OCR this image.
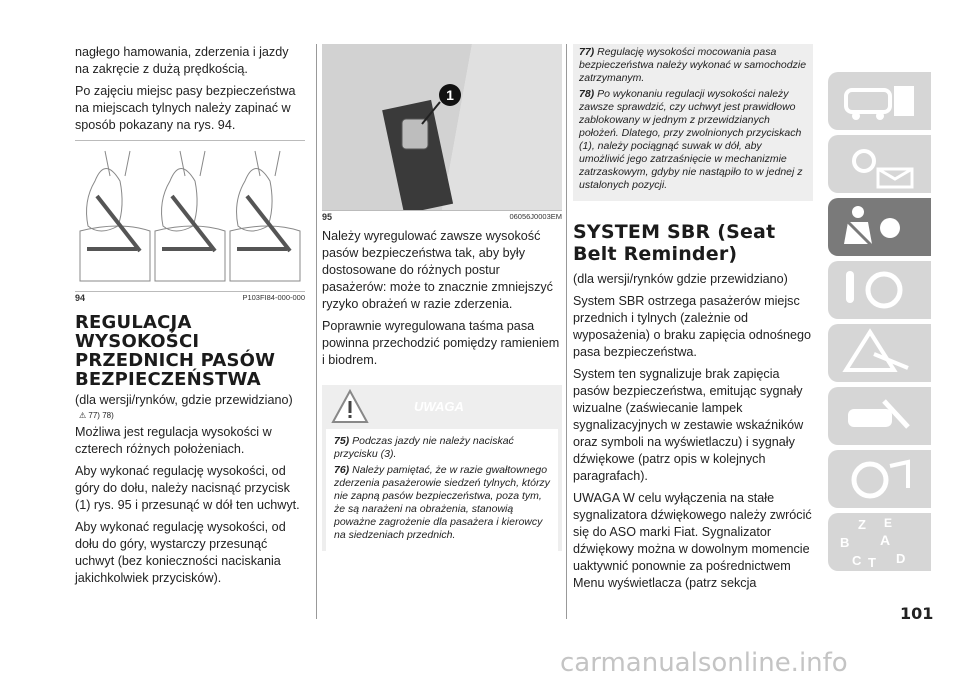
nagłego hamowania, zderzenia i jazdy na zakręcie z dużą prędkością.

Po zajęciu miejsc pasy bezpieczeństwa na miejscach tylnych należy zapinać w sposób pokazany na rys. 94.

94	P103FI84-000-000
REGULACJA WYSOKOŚCI PRZEDNICH PASÓW BEZPIECZEŃSTWA

(dla wersji/rynków, gdzie przewidziano)

⚠ 77) 78)

Możliwa jest regulacja wysokości w czterech różnych położeniach.

Aby wykonać regulację wysokości, od góry do dołu, należy nacisnąć przycisk (1) rys. 95 i przesunąć w dół ten uchwyt.

Aby wykonać regulację wysokości, od dołu do góry, wystarczy przesunąć uchwyt (bez konieczności naciskania jakichkolwiek przycisków).

1
95	06056J0003EM

Należy wyregulować zawsze wysokość pasów bezpieczeństwa tak, aby były dostosowane do różnych postur pasażerów: może to znacznie zmniejszyć ryzyko obrażeń w razie zderzenia.

Poprawnie wyregulowana taśma pasa powinna przechodzić pomiędzy ramieniem i biodrem.

UWAGA

75) Podczas jazdy nie należy naciskać przycisku (3).

76) Należy pamiętać, że w razie gwałtownego zderzenia pasażerowie siedzeń tylnych, którzy nie zapną pasów bezpieczeństwa, poza tym, że są narażeni na obrażenia, stanowią poważne zagrożenie dla pasażera i kierowcy na siedzeniach przednich.

77) Regulację wysokości mocowania pasa bezpieczeństwa należy wykonać w samochodzie zatrzymanym.

78) Po wykonaniu regulacji wysokości należy zawsze sprawdzić, czy uchwyt jest prawidłowo zablokowany w jednym z przewidzianych położeń. Dlatego, przy zwolnionych przyciskach (1), należy pociągnąć suwak w dół, aby umożliwić jego zatrzaśnięcie w mechanizmie zatrzaskowym, gdyby nie nastąpiło to w jednej z ustalonych pozycji.

SYSTEM SBR (Seat Belt Reminder)

(dla wersji/rynków gdzie przewidziano)

System SBR ostrzega pasażerów miejsc przednich i tylnych (zależnie od wyposażenia) o braku zapięcia odnośnego pasa bezpieczeństwa.

System ten sygnalizuje brak zapięcia pasów bezpieczeństwa, emitując sygnały wizualne (zaświecanie lampek sygnalizacyjnych w zestawie wskaźników oraz symboli na wyświetlaczu) i sygnały dźwiękowe (patrz opis w kolejnych paragrafach).

UWAGA W celu wyłączenia na stałe sygnalizatora dźwiękowego należy zwrócić się do ASO marki Fiat. Sygnalizator dźwiękowy można w dowolnym momencie uaktywnić ponownie za pośrednictwem Menu wyświetlacza (patrz sekcja

Z E
B A
C T D
101
carmanualsonline.info
